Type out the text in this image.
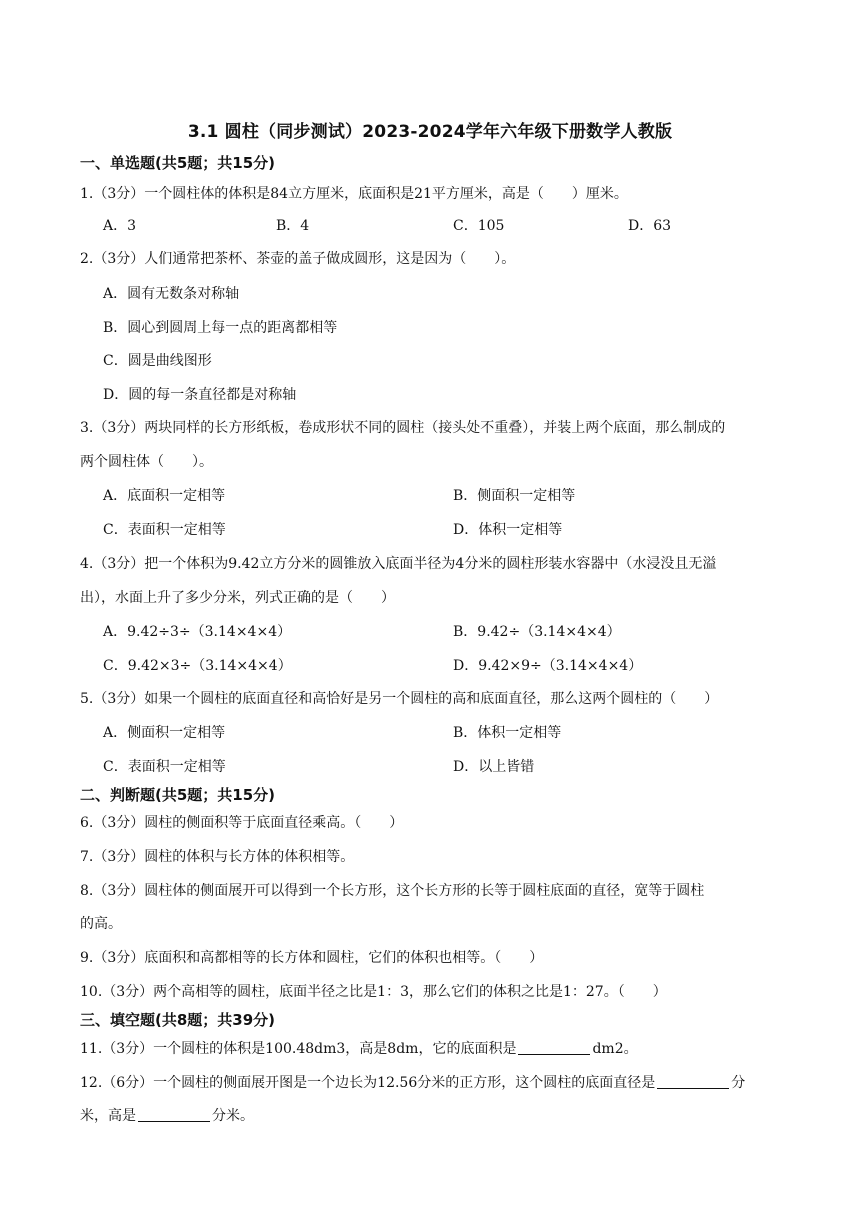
3.1 圆柱（同步测试）2023-2024学年六年级下册数学人教版
一、单选题(共5题；共15分)
1.（3分）一个圆柱体的体积是84立方厘米，底面积是21平方厘米，高是（　　）厘米。
A．3	B．4	C．105	D．63
2.（3分）人们通常把茶杯、茶壶的盖子做成圆形，这是因为（　　）。
A．圆有无数条对称轴
B．圆心到圆周上每一点的距离都相等
C．圆是曲线图形
D．圆的每一条直径都是对称轴
3.（3分）两块同样的长方形纸板，卷成形状不同的圆柱（接头处不重叠），并装上两个底面，那么制成的
两个圆柱体（　　）。
A．底面积一定相等	B．侧面积一定相等
C．表面积一定相等	D．体积一定相等
4.（3分）把一个体积为9.42立方分米的圆锥放入底面半径为4分米的圆柱形装水容器中（水浸没且无溢
出），水面上升了多少分米，列式正确的是（　　）
A．9.42÷3÷（3.14×4×4）	B．9.42÷（3.14×4×4）
C．9.42×3÷（3.14×4×4）	D．9.42×9÷（3.14×4×4）
5.（3分）如果一个圆柱的底面直径和高恰好是另一个圆柱的高和底面直径，那么这两个圆柱的（　　）
A．侧面积一定相等	B．体积一定相等
C．表面积一定相等	D．以上皆错
二、判断题(共5题；共15分)
6.（3分）圆柱的侧面积等于底面直径乘高。（　　）
7.（3分）圆柱的体积与长方体的体积相等。
8.（3分）圆柱体的侧面展开可以得到一个长方形，这个长方形的长等于圆柱底面的直径，宽等于圆柱
的高。
9.（3分）底面积和高都相等的长方体和圆柱，它们的体积也相等。（　　）
10.（3分）两个高相等的圆柱，底面半径之比是1：3，那么它们的体积之比是1：27。（　　）
三、填空题(共8题；共39分)
11.（3分）一个圆柱的体积是100.48dm3，高是8dm，它的底面积是	dm2。
12.（6分）一个圆柱的侧面展开图是一个边长为12.56分米的正方形，这个圆柱的底面直径是	分
米，高是	分米。
